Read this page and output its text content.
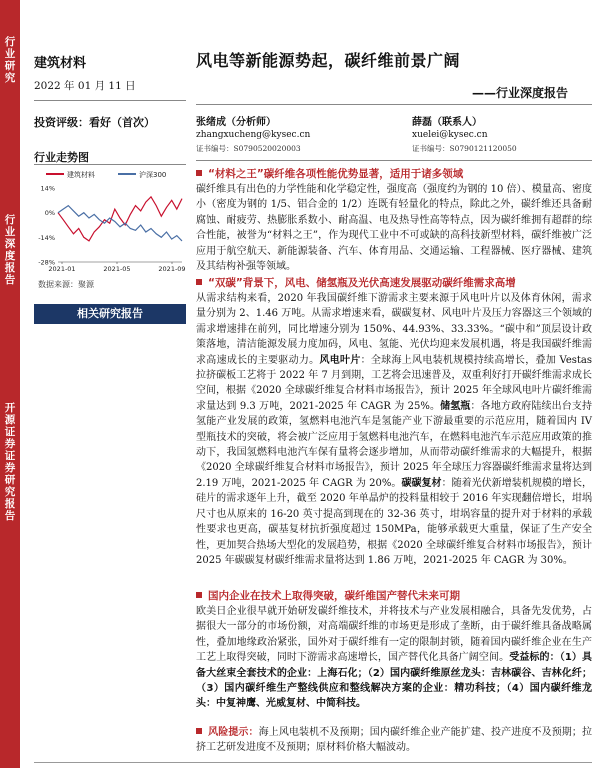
行业研究
行业深度报告
开源证券 证券研究报告
建筑材料
2022 年 01 月 11 日
投资评级：看好（首次）
行业走势图
建筑材料	沪深300
14%
0%
-14%
-28%
2021-01	2021-05	2021-09
数据来源：聚源
相关研究报告
风电等新能源势起，碳纤维前景广阔
——行业深度报告
张绪成（分析师）
zhangxucheng@kysec.cn
证书编号：S0790520020003
薛磊（联系人）
xuelei@kysec.cn
证书编号：S0790121120050
“材料之王”碳纤维各项性能优势显著，适用于诸多领域

碳纤维具有出色的力学性能和化学稳定性，强度高（强度约为钢的 10 倍）、模量高、密度小（密度为钢的 1/5、铝合金的 1/2）连既有轻量化的特点，除此之外，碳纤维还具备耐腐蚀、耐疲劳、热膨胀系数小、耐高温、电及热导性高等特点，因为碳纤维拥有超群的综合性能，被誉为“材料之王”，作为现代工业中不可或缺的高科技新型材料，碳纤维被广泛应用于航空航天、新能源装备、汽车、体育用品、交通运输、工程器械、医疗器械、建筑及其结构补强等领域。

“双碳”背景下，风电、储氢瓶及光伏高速发展驱动碳纤维需求高增

从需求结构来看，2020 年我国碳纤维下游需求主要来源于风电叶片以及体育休闲，需求量分别为 2、1.46 万吨。从需求增速来看，碳碳复材、风电叶片及压力容器这三个领域的需求增速排在前列，同比增速分别为 150%、44.93%、33.33%。“碳中和”顶层设计政策落地，清洁能源发展力度加码，风电、氢能、光伏均迎来发展机遇，将是我国碳纤维需求高速成长的主要驱动力。风电叶片：全球海上风电装机规模持续高增长，叠加 Vestas 拉挤碳板工艺将于 2022 年 7 月到期，工艺将会迅速普及，双重利好打开碳纤维需求成长空间，根据《2020 全球碳纤维复合材料市场报告》，预计 2025 年全球风电叶片碳纤维需求量达到 9.3 万吨，2021-2025 年 CAGR 为 25%。储氢瓶：各地方政府陆续出台支持氢能产业发展的政策，氢燃料电池汽车是氢能产业下游最重要的示范应用，随着国内 IV 型瓶技术的突破，将会被广泛应用于氢燃料电池汽车，在燃料电池汽车示范应用政策的推动下，我国氢燃料电池汽车保有量将会逐步增加，从而带动碳纤维需求的大幅提升，根据《2020 全球碳纤维复合材料市场报告》，预计 2025 年全球压力容器碳纤维需求量将达到 2.19 万吨，2021-2025 年 CAGR 为 20%。碳碳复材：随着光伏新增装机规模的增长，硅片的需求逐年上升，截至 2020 年单晶炉的投料量相较于 2016 年实现翻倍增长，坩埚尺寸也从原来的 16-20 英寸提高到现在的 32-36 英寸，坩埚容量的提升对于材料的承载性要求也更高，碳基复材抗折强度超过 150MPa，能够承载更大重量，保证了生产安全性，更加契合热场大型化的发展趋势，根据《2020 全球碳纤维复合材料市场报告》，预计 2025 年碳碳复材碳纤维需求量将达到 1.86 万吨，2021-2025 年 CAGR 为 30%。

国内企业在技术上取得突破，碳纤维国产替代未来可期

欧美日企业很早就开始研发碳纤维技术，并将技术与产业发展相融合，具备先发优势，占据很大一部分的市场份额，对高端碳纤维的市场更是形成了垄断，由于碳纤维具备战略属性，叠加地缘政治紧张，国外对于碳纤维有一定的限制封锁，随着国内碳纤维企业在生产工艺上取得突破，同时下游需求高速增长，国产替代化具备广阔空间。受益标的：（1）具备大丝束全套技术的企业：上海石化；（2）国内碳纤维原丝龙头：吉林碳谷、吉林化纤；（3）国内碳纤维生产整线供应和整线解决方案的企业：精功科技；（4）国内碳纤维龙头：中复神鹰、光威复材、中简科技。

风险提示：海上风电装机不及预期；国内碳纤维企业产能扩建、投产进度不及预期；拉挤工艺研发进度不及预期；原材料价格大幅波动。
